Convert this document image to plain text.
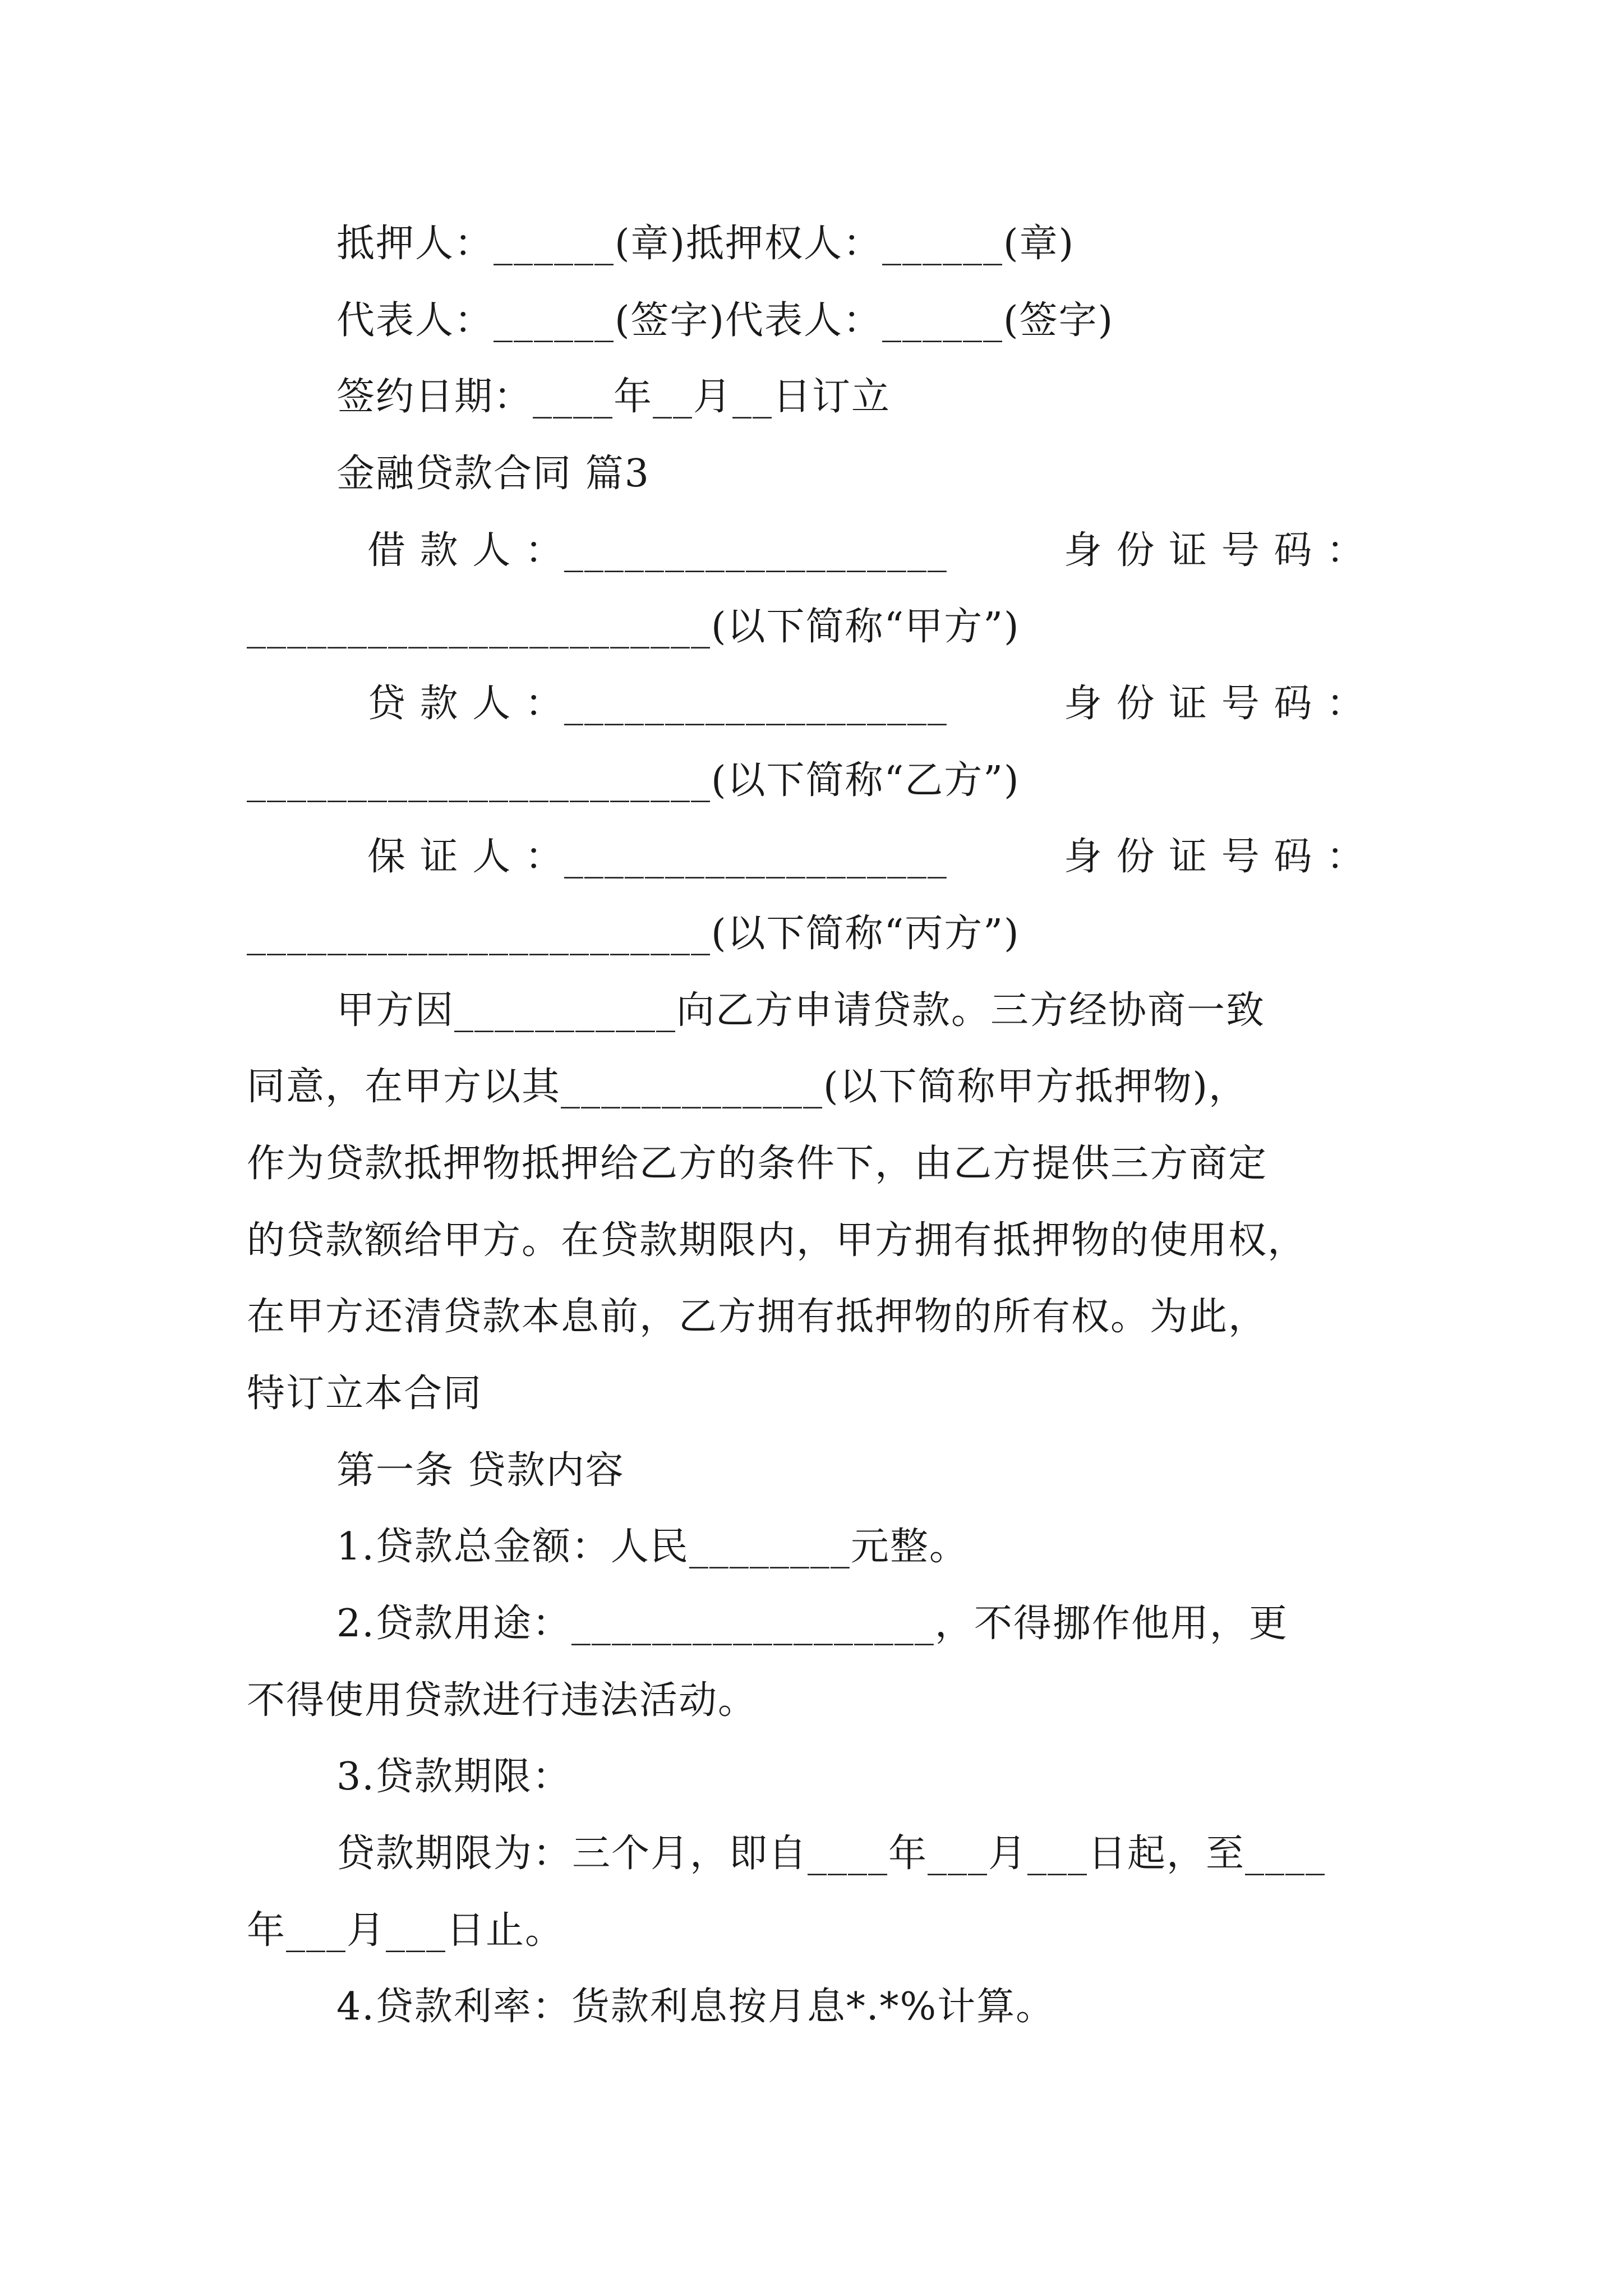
抵押人：______(章)抵押权人：______(章)
代表人：______(签字)代表人：______(签字)
签约日期：____年__月__日订立
金融贷款合同 篇3
借 款 人 ：___________________	身 份 证 号 码 ：
_______________________(以下简称“甲方”)
贷 款 人 ：___________________	身 份 证 号 码 ：
_______________________(以下简称“乙方”)
保 证 人 ：___________________	身 份 证 号 码 ：
_______________________(以下简称“丙方”)
甲方因___________向乙方申请贷款。三方经协商一致
同意，在甲方以其_____________(以下简称甲方抵押物)，
作为贷款抵押物抵押给乙方的条件下，由乙方提供三方商定
的贷款额给甲方。在贷款期限内，甲方拥有抵押物的使用权，
在甲方还清贷款本息前，乙方拥有抵押物的所有权。为此，
特订立本合同
第一条 贷款内容
1.贷款总金额：人民________元整。
2.贷款用途：__________________，不得挪作他用，更
不得使用贷款进行违法活动。
3.贷款期限：
贷款期限为：三个月，即自____年___月___日起，至____
年___月___日止。
4.贷款利率：货款利息按月息*.*%计算。
